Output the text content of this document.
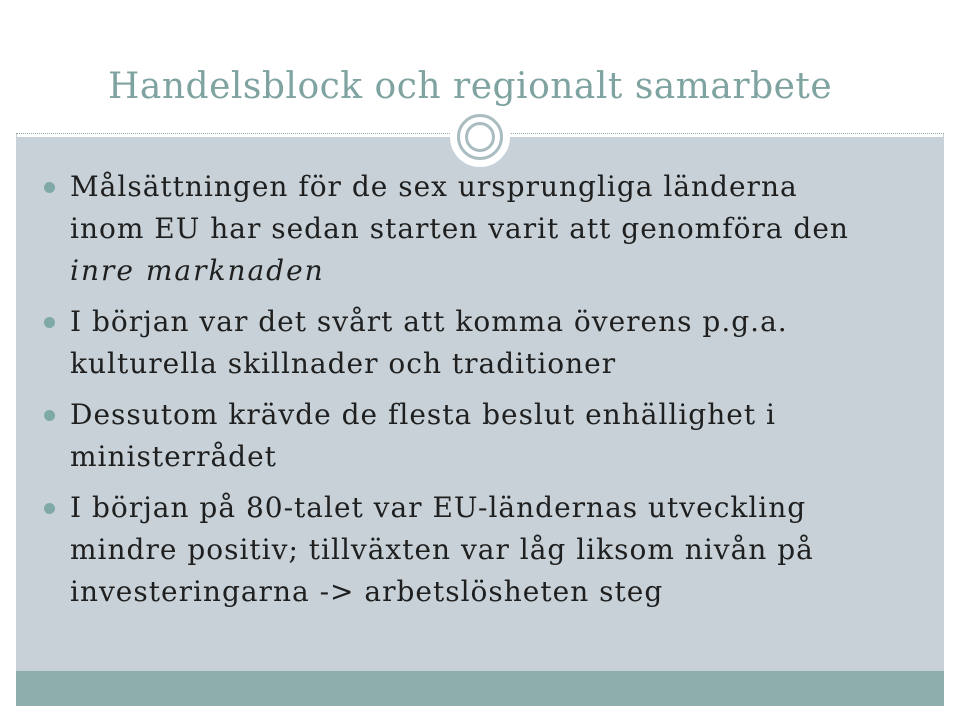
Handelsblock och regionalt samarbete
Målsättningen för de sex ursprungliga länderna
inom EU har sedan starten varit att genomföra den
inre marknaden
I början var det svårt att komma överens p.g.a.
kulturella skillnader och traditioner
Dessutom krävde de flesta beslut enhällighet i
ministerrådet
I början på 80-talet var EU-ländernas utveckling
mindre positiv; tillväxten var låg liksom nivån på
investeringarna -> arbetslösheten steg
